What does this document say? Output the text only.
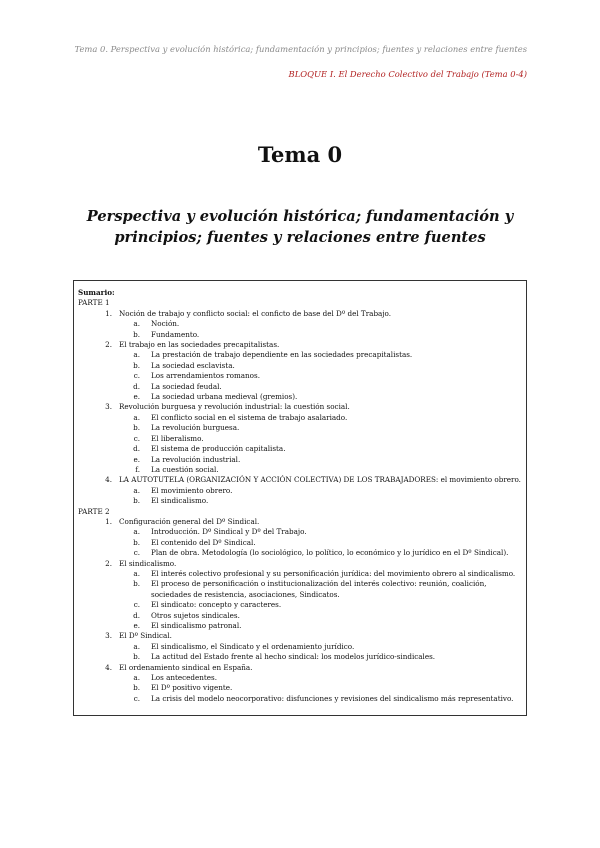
Tema 0. Perspectiva y evolución histórica; fundamentación y principios; fuentes y relaciones entre fuentes
BLOQUE I. El Derecho Colectivo del Trabajo (Tema 0-4)
Tema 0
Perspectiva y evolución histórica; fundamentación y principios; fuentes y relaciones entre fuentes
Sumario:
PARTE 1
1. Noción de trabajo y conflicto social: el conficto de base del Dº del Trabajo.
a.	Noción.
b.	Fundamento.
2. El trabajo en las sociedades precapitalistas.
a.	La prestación de trabajo dependiente en las sociedades precapitalistas.
b.	La sociedad esclavista.
c.	Los arrendamientos romanos.
d.	La sociedad feudal.
e.	La sociedad urbana medieval (gremios).
3. Revolución burguesa y revolución industrial: la cuestión social.
a.	El conflicto social en el sistema de trabajo asalariado.
b.	La revolución burguesa.
c.	El liberalismo.
d.	El sistema de producción capitalista.
e.	La revolución industrial.
f.	La cuestión social.
4. LA AUTOTUTELA (ORGANIZACIÓN Y ACCIÓN COLECTIVA) DE LOS TRABAJADORES: el movimiento obrero.
a.	El movimiento obrero.
b.	El sindicalismo.
PARTE 2
1. Configuración general del Dº Sindical.
a.	Introducción. Dº Sindical y Dº del Trabajo.
b.	El contenido del Dº Sindical.
c.	Plan de obra. Metodología (lo sociológico, lo político, lo económico y lo jurídico en el Dº Sindical).
2. El sindicalismo.
a.	El interés colectivo profesional y su personificación jurídica: del movimiento obrero al sindicalismo.
b.	El proceso de personificación o institucionalización del interés colectivo: reunión, coalición, sociedades de resistencia, asociaciones, Sindicatos.
c.	El sindicato: concepto y caracteres.
d.	Otros sujetos sindicales.
e.	El sindicalismo patronal.
3. El Dº Sindical.
a.	El sindicalismo, el Sindicato y el ordenamiento jurídico.
b.	La actitud del Estado frente al hecho sindical: los modelos jurídico-sindicales.
4. El ordenamiento sindical en España.
a.	Los antecedentes.
b.	El Dº positivo vigente.
c.	La crisis del modelo neocorporativo: disfunciones y revisiones del sindicalismo más representativo.
